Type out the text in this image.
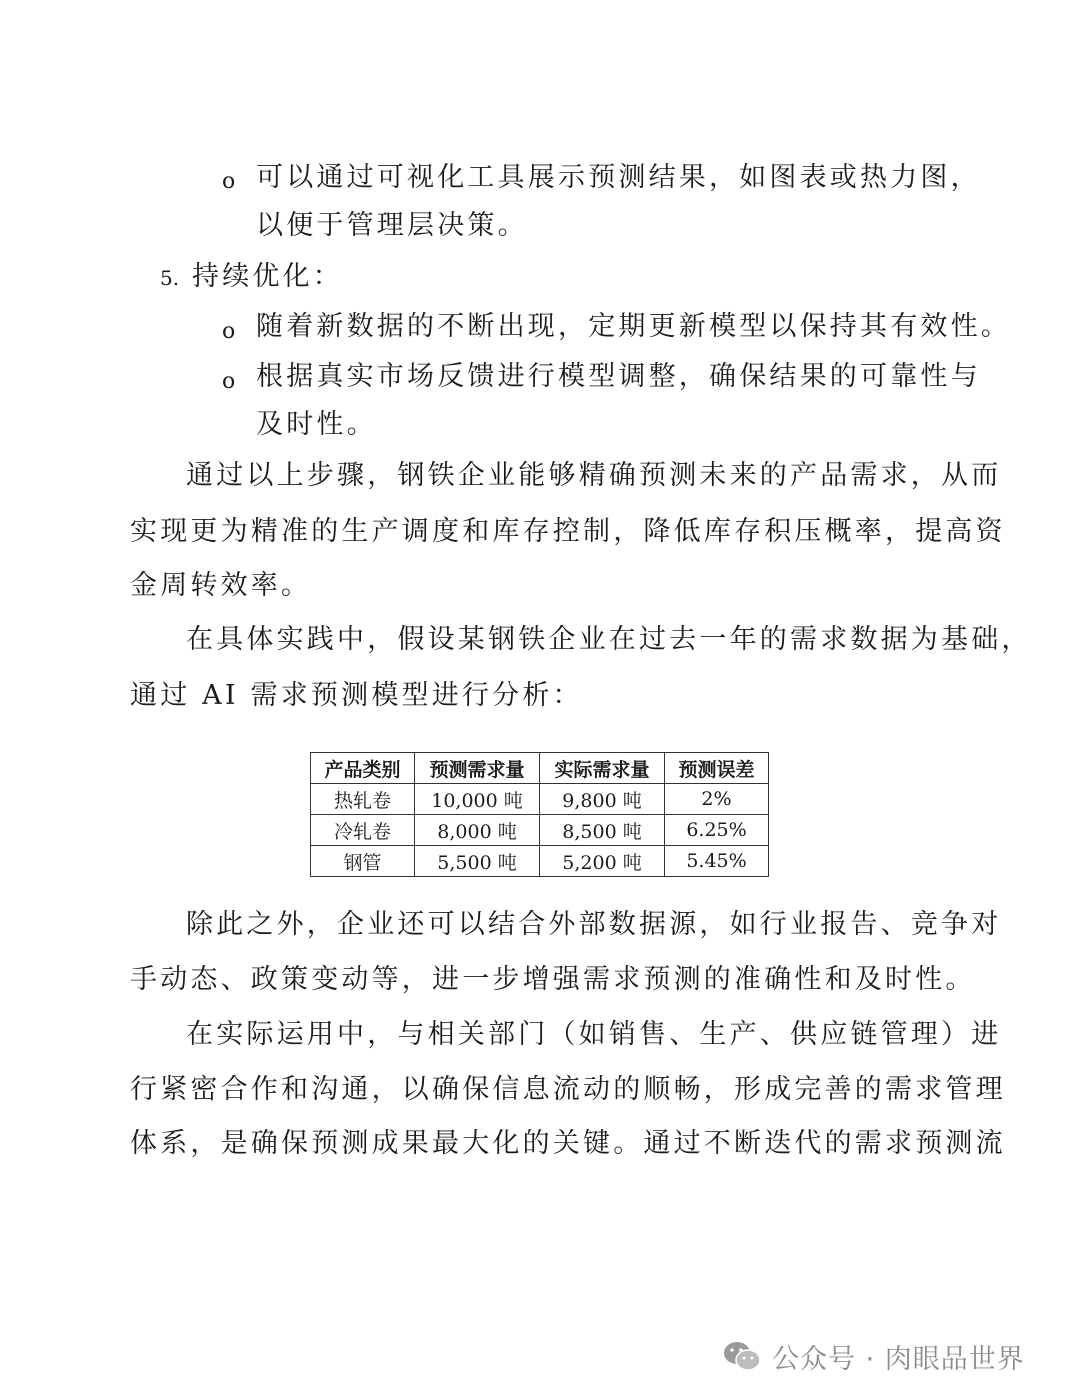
o 可以通过可视化工具展示预测结果，如图表或热力图，
以便于管理层决策。
5. 持续优化：
o 随着新数据的不断出现，定期更新模型以保持其有效性。
o 根据真实市场反馈进行模型调整，确保结果的可靠性与
及时性。
通过以上步骤，钢铁企业能够精确预测未来的产品需求，从而
实现更为精准的生产调度和库存控制，降低库存积压概率，提高资
金周转效率。
在具体实践中，假设某钢铁企业在过去一年的需求数据为基础，
通过 AI 需求预测模型进行分析：
产品类别	预测需求量	实际需求量	预测误差
热轧卷	10,000 吨	9,800 吨	2%
冷轧卷	8,000 吨	8,500 吨	6.25%
钢管	5,500 吨	5,200 吨	5.45%
除此之外，企业还可以结合外部数据源，如行业报告、竞争对
手动态、政策变动等，进一步增强需求预测的准确性和及时性。
在实际运用中，与相关部门（如销售、生产、供应链管理）进
行紧密合作和沟通，以确保信息流动的顺畅，形成完善的需求管理
体系，是确保预测成果最大化的关键。通过不断迭代的需求预测流
公众号 · 肉眼品世界
